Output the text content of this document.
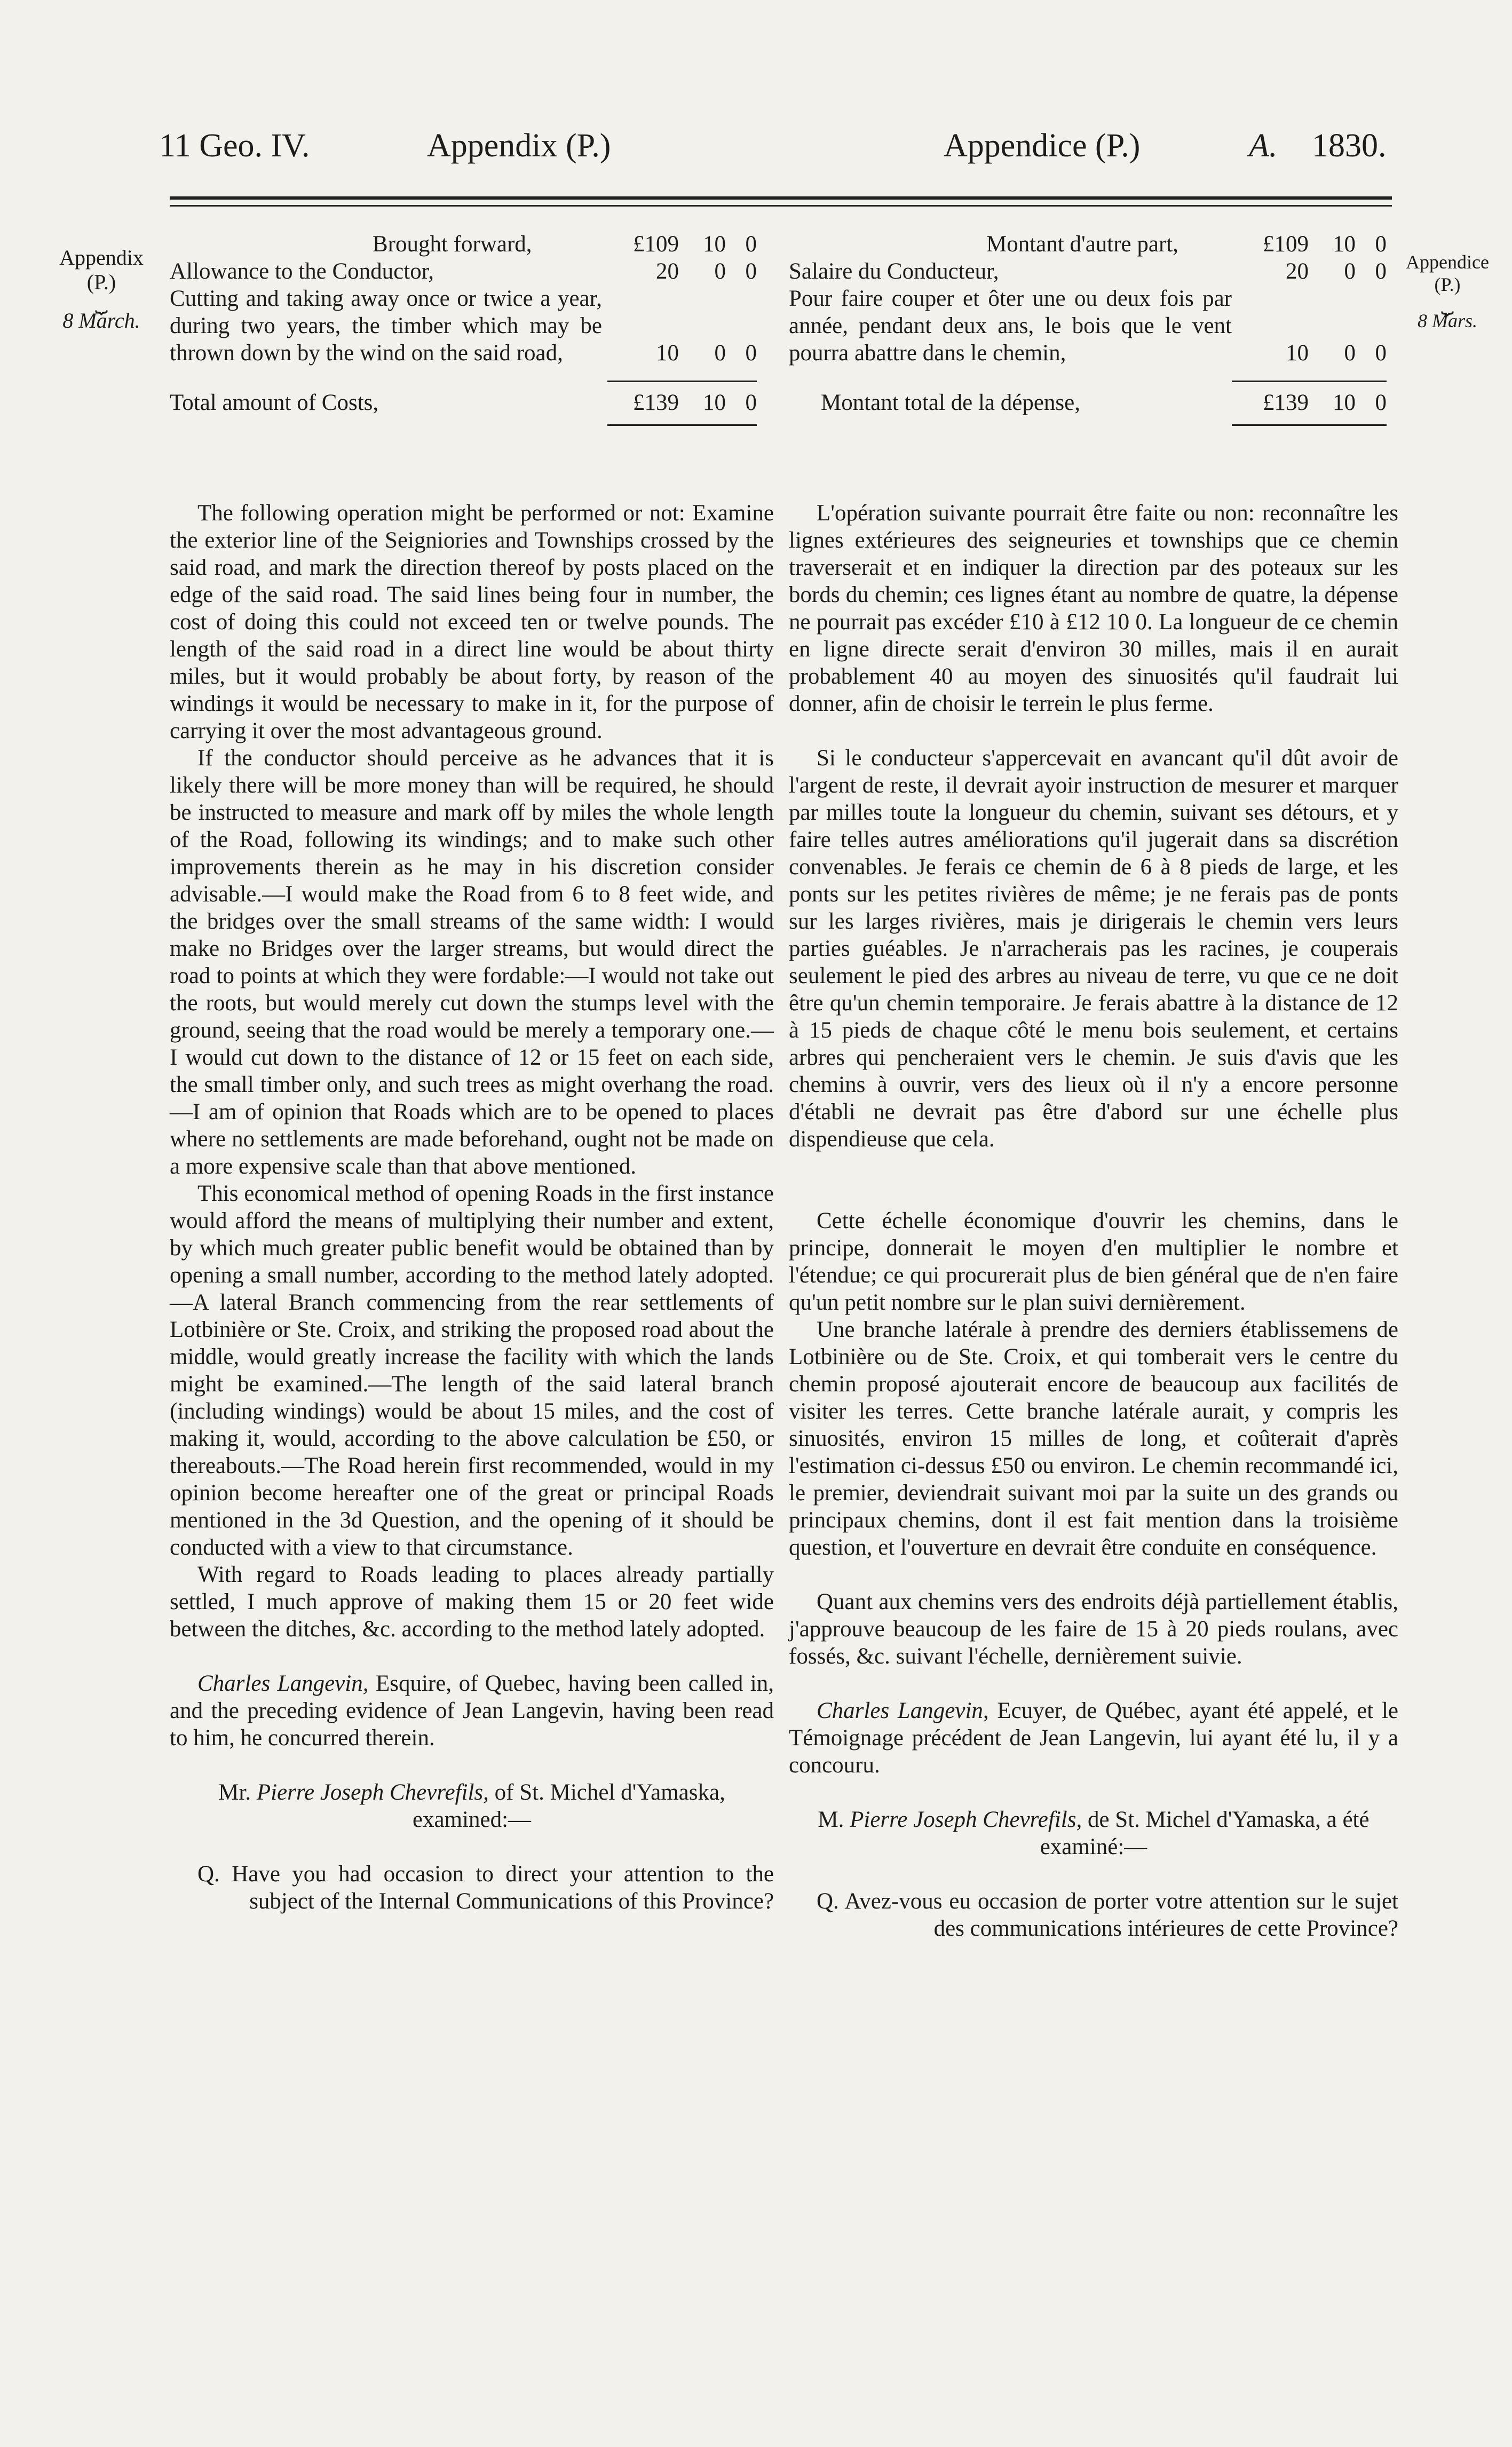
11 Geo. IV.	Appendix (P.)	Appendice (P.)	A. 1830.
Appendix
(P.)
⏟
8 March.
Appendice
(P.)
⏟
8 Mars.
Brought forward,	£109	10 0
Allowance to the Conductor,	20	0 0
Cutting and taking away once or twice a year, during two years, the timber which may be thrown down by the wind on the said road,	10	0 0
Total amount of Costs,	£139	10 0
Montant d'autre part,	£109	10 0
Salaire du Conducteur,	20	0 0
Pour faire couper et ôter une ou deux fois par année, pendant deux ans, le bois que le vent pourra abattre dans le chemin,	10	0 0
Montant total de la dépense,	£139	10 0

The following operation might be performed or not: Examine the exterior line of the Seigniories and Townships crossed by the said road, and mark the direction thereof by posts placed on the edge of the said road. The said lines being four in number, the cost of doing this could not exceed ten or twelve pounds. The length of the said road in a direct line would be about thirty miles, but it would probably be about forty, by reason of the windings it would be necessary to make in it, for the purpose of carrying it over the most advantageous ground.

If the conductor should perceive as he advances that it is likely there will be more money than will be required, he should be instructed to measure and mark off by miles the whole length of the Road, following its windings; and to make such other improvements therein as he may in his discretion consider advisable.—I would make the Road from 6 to 8 feet wide, and the bridges over the small streams of the same width: I would make no Bridges over the larger streams, but would direct the road to points at which they were fordable:—I would not take out the roots, but would merely cut down the stumps level with the ground, seeing that the road would be merely a temporary one.—I would cut down to the distance of 12 or 15 feet on each side, the small timber only, and such trees as might overhang the road.—I am of opinion that Roads which are to be opened to places where no settlements are made beforehand, ought not be made on a more expensive scale than that above mentioned.

This economical method of opening Roads in the first instance would afford the means of multiplying their number and extent, by which much greater public benefit would be obtained than by opening a small number, according to the method lately adopted.—A lateral Branch commencing from the rear settlements of Lotbinière or Ste. Croix, and striking the proposed road about the middle, would greatly increase the facility with which the lands might be examined.—The length of the said lateral branch (including windings) would be about 15 miles, and the cost of making it, would, according to the above calculation be £50, or thereabouts.—The Road herein first recommended, would in my opinion become hereafter one of the great or principal Roads mentioned in the 3d Question, and the opening of it should be conducted with a view to that circumstance.

With regard to Roads leading to places already partially settled, I much approve of making them 15 or 20 feet wide between the ditches, &c. according to the method lately adopted.

Charles Langevin, Esquire, of Quebec, having been called in, and the preceding evidence of Jean Langevin, having been read to him, he concurred therein.

Mr. Pierre Joseph Chevrefils, of St. Michel d'Yamaska, examined:—

Q. Have you had occasion to direct your attention to the subject of the Internal Communications of this Province?

L'opération suivante pourrait être faite ou non: reconnaître les lignes extérieures des seigneuries et townships que ce chemin traverserait et en indiquer la direction par des poteaux sur les bords du chemin; ces lignes étant au nombre de quatre, la dépense ne pourrait pas excéder £10 à £12 10 0. La longueur de ce chemin en ligne directe serait d'environ 30 milles, mais il en aurait probablement 40 au moyen des sinuosités qu'il faudrait lui donner, afin de choisir le terrein le plus ferme.

Si le conducteur s'appercevait en avancant qu'il dût avoir de l'argent de reste, il devrait ayoir instruction de mesurer et marquer par milles toute la longueur du chemin, suivant ses détours, et y faire telles autres améliorations qu'il jugerait dans sa discrétion convenables. Je ferais ce chemin de 6 à 8 pieds de large, et les ponts sur les petites rivières de même; je ne ferais pas de ponts sur les larges rivières, mais je dirigerais le chemin vers leurs parties guéables. Je n'arracherais pas les racines, je couperais seulement le pied des arbres au niveau de terre, vu que ce ne doit être qu'un chemin temporaire. Je ferais abattre à la distance de 12 à 15 pieds de chaque côté le menu bois seulement, et certains arbres qui pencheraient vers le chemin. Je suis d'avis que les chemins à ouvrir, vers des lieux où il n'y a encore personne d'établi ne devrait pas être d'abord sur une échelle plus dispendieuse que cela.

Cette échelle économique d'ouvrir les chemins, dans le principe, donnerait le moyen d'en multiplier le nombre et l'étendue; ce qui procurerait plus de bien général que de n'en faire qu'un petit nombre sur le plan suivi dernièrement.

Une branche latérale à prendre des derniers établissemens de Lotbinière ou de Ste. Croix, et qui tomberait vers le centre du chemin proposé ajouterait encore de beaucoup aux facilités de visiter les terres. Cette branche latérale aurait, y compris les sinuosités, environ 15 milles de long, et coûterait d'après l'estimation ci-dessus £50 ou environ. Le chemin recommandé ici, le premier, deviendrait suivant moi par la suite un des grands ou principaux chemins, dont il est fait mention dans la troisième question, et l'ouverture en devrait être conduite en conséquence.

Quant aux chemins vers des endroits déjà partiellement établis, j'approuve beaucoup de les faire de 15 à 20 pieds roulans, avec fossés, &c. suivant l'échelle, dernièrement suivie.

Charles Langevin, Ecuyer, de Québec, ayant été appelé, et le Témoignage précédent de Jean Langevin, lui ayant été lu, il y a concouru.

M. Pierre Joseph Chevrefils, de St. Michel d'Yamaska, a été examiné:—

Q. Avez-vous eu occasion de porter votre attention sur le sujet des communications intérieures de cette Province?
